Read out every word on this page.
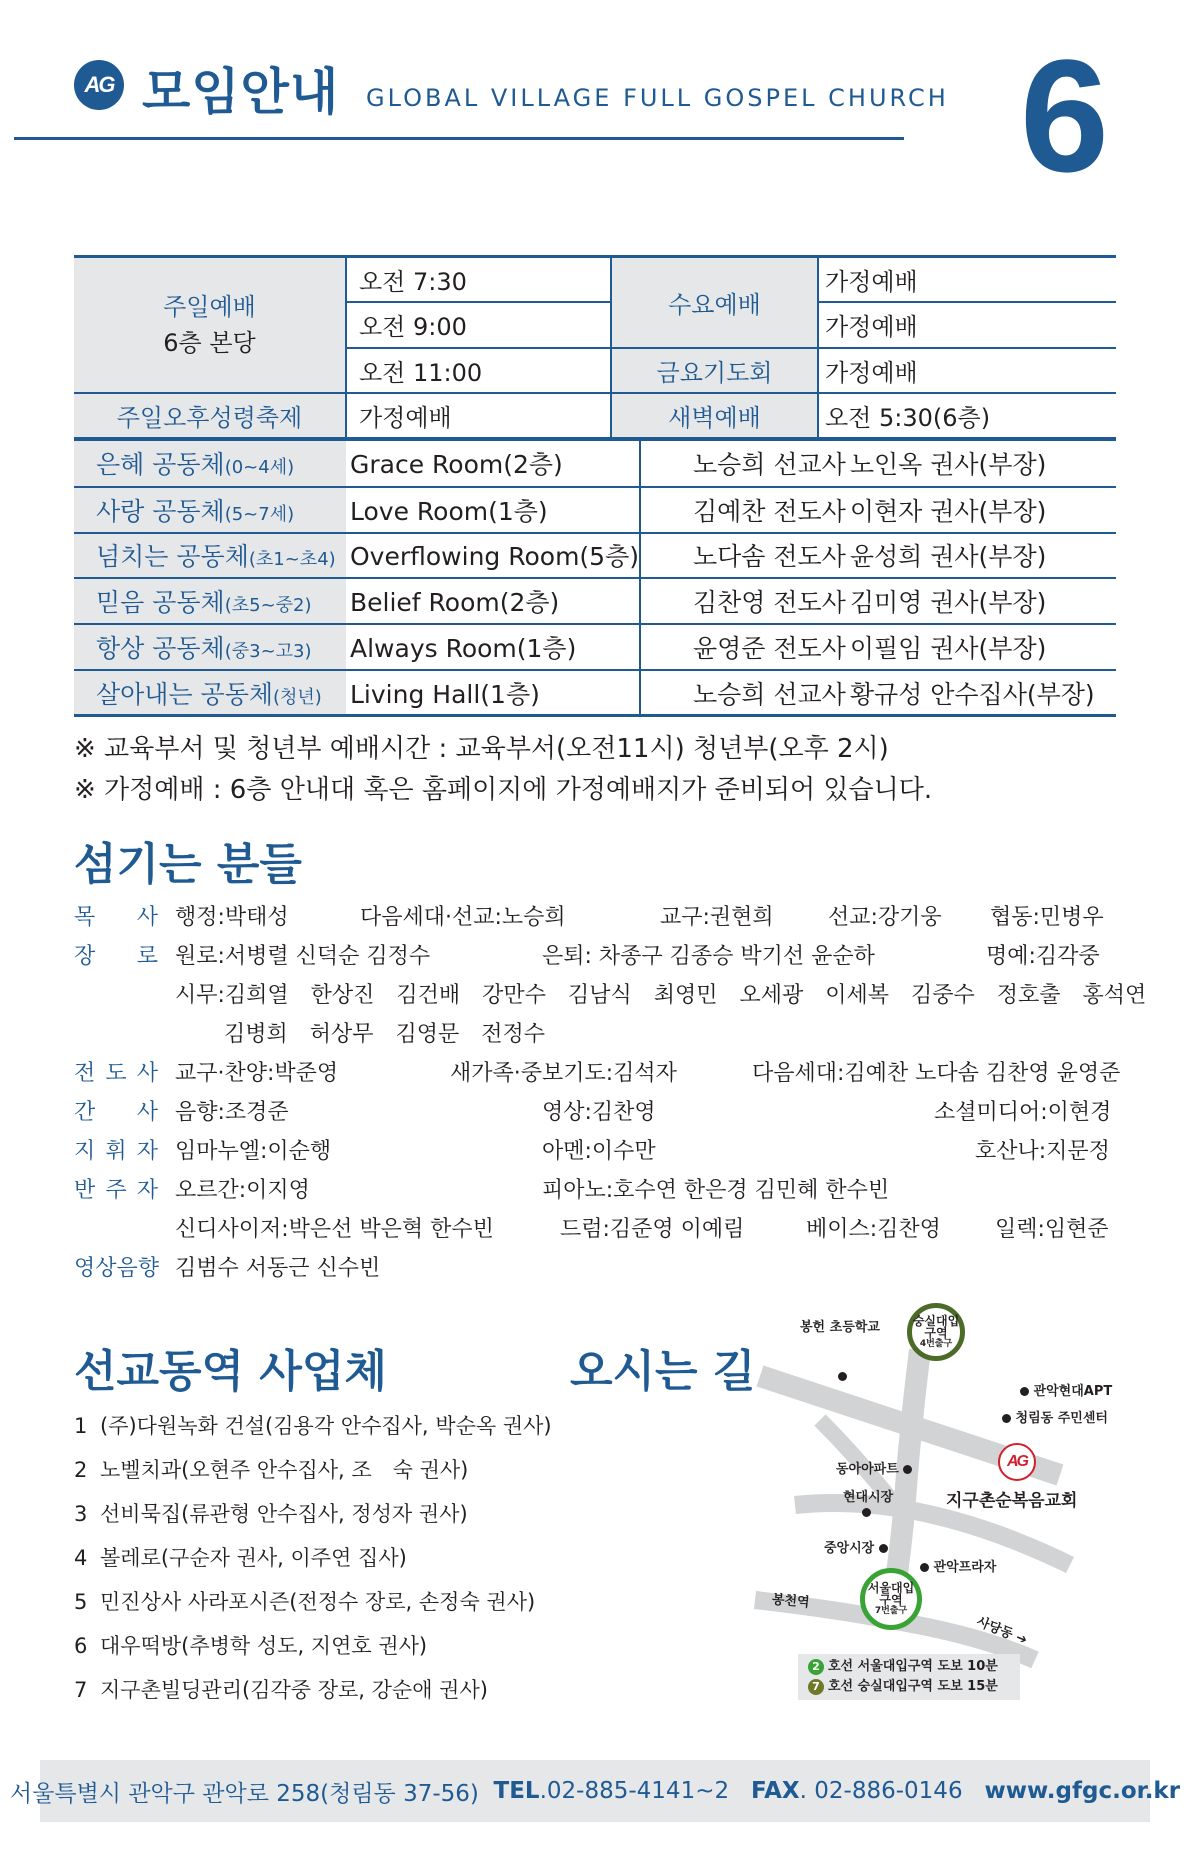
AG 모임안내 GLOBAL VILLAGE FULL GOSPEL CHURCH 6
주일예배
6층 본당	오전 7:30	수요예배	가정예배
	오전 9:00		가정예배
	오전 11:00	금요기도회	가정예배
주일오후성령축제	가정예배	새벽예배	오전 5:30(6층)
은혜 공동체(0~4세)	Grace Room(2층)	노승희 선교사	노인옥 권사(부장)
사랑 공동체(5~7세)	Love Room(1층)	김예찬 전도사	이현자 권사(부장)
넘치는 공동체(초1~초4)	Overflowing Room(5층)	노다솜 전도사	윤성희 권사(부장)
믿음 공동체(초5~중2)	Belief Room(2층)	김찬영 전도사	김미영 권사(부장)
항상 공동체(중3~고3)	Always Room(1층)	윤영준 전도사	이필임 권사(부장)
살아내는 공동체(청년)	Living Hall(1층)	노승희 선교사	황규성 안수집사(부장)
※ 교육부서 및 청년부 예배시간 : 교육부서(오전11시) 청년부(오후 2시)
※ 가정예배 : 6층 안내대 혹은 홈페이지에 가정예배지가 준비되어 있습니다.
섬기는 분들
목 사 행정:박태성	다음세대·선교:노승희	교구:권현희 선교:강기웅 협동:민병우
장 로 원로:서병렬 신덕순 김정수	은퇴: 차종구 김종승 박기선 윤순하	명예:김각중
시무:김희열　한상진　김건배　강만수　김남식　최영민　오세광　이세복　김중수　정호출　홍석연
김병희　허상무　김영문　전정수
전 도 사 교구·찬양:박준영	새가족·중보기도:김석자	다음세대:김예찬 노다솜 김찬영 윤영준
간 사 음향:조경준	영상:김찬영	소셜미디어:이현경
지 휘 자 임마누엘:이순행	아멘:이수만	호산나:지문정
반 주 자 오르간:이지영	피아노:호수연 한은경 김민혜 한수빈
신디사이저:박은선 박은혁 한수빈	드럼:김준영 이예림	베이스:김찬영 일렉:임현준
영상음향 김범수 서동근 신수빈
선교동역 사업체
1 (주)다원녹화 건설(김용각 안수집사, 박순옥 권사)
2 노벨치과(오현주 안수집사, 조　숙 권사)
3 선비묵집(류관형 안수집사, 정성자 권사)
4 볼레로(구순자 권사, 이주연 집사)
5 민진상사 사라포시즌(전정수 장로, 손정숙 권사)
6 대우떡방(추병학 성도, 지연호 권사)
7 지구촌빌딩관리(김각중 장로, 강순애 권사)
오시는 길
숭실대입구역
4번출구
서울대입구역
7번출구
봉헌 초등학교
관악현대APT
청림동 주민센터
동아아파트
현대시장
중앙시장
관악프라자
봉천역
사당동 ➔
AG
지구촌순복음교회
2 호선 서울대입구역 도보 10분
7 호선 숭실대입구역 도보 15분
서울특별시 관악구 관악로 258(청림동 37-56)
TEL .02-885-4141~2
FAX . 02-886-0146
www.gfgc.or.kr
